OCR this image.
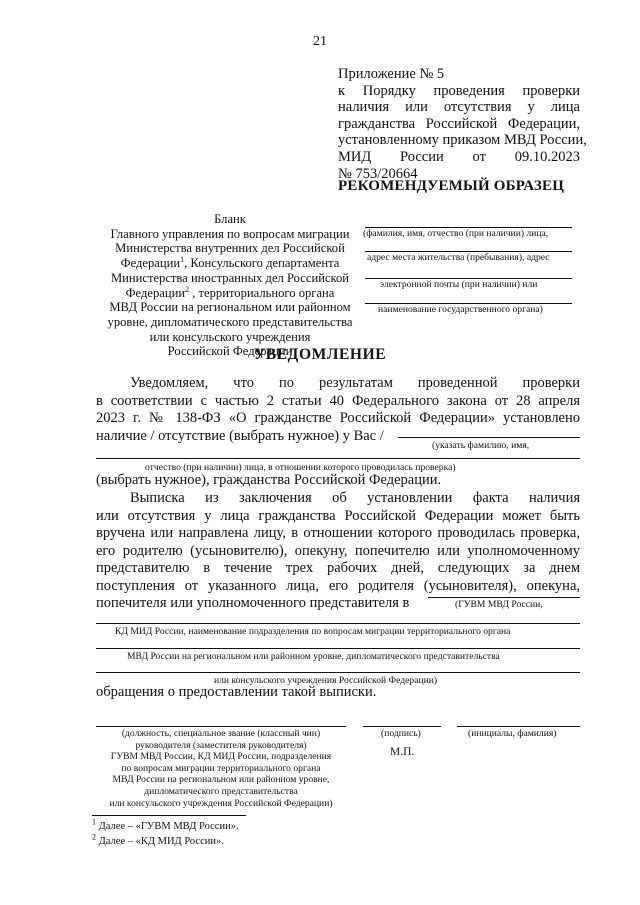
21
Приложение № 5
к Порядку проведения проверки
наличия или отсутствия у лица
гражданства Российской Федерации,
установленному приказом МВД России,
МИД России от 09.10.2023
№ 753/20664
РЕКОМЕНДУЕМЫЙ ОБРАЗЕЦ
Бланк
Главного управления по вопросам миграции
Министерства внутренних дел Российской
Федерации$^1$, Консульского департамента
Министерства иностранных дел Российской
Федерации$^2$ , территориального органа
МВД России на региональном или районном
уровне, дипломатического представительства
или консульского учреждения
Российской Федерации
(фамилия, имя, отчество (при наличии) лица,
адрес места жительства (пребывания), адрес
электронной почты (при наличии) или
наименование государственного органа)
УВЕДОМЛЕНИЕ
Уведомляем, что по результатам проведенной проверки
в соответствии с частью 2 статьи 40 Федерального закона от 28 апреля
2023 г. № 138-ФЗ «О гражданстве Российской Федерации» установлено
наличие / отсутствие (выбрать нужное) у Вас /
(указать фамилию, имя,
отчество (при наличии) лица, в отношении которого проводилась проверка)
(выбрать нужное), гражданства Российской Федерации.
Выписка из заключения об установлении факта наличия
или отсутствия у лица гражданства Российской Федерации может быть
вручена или направлена лицу, в отношении которого проводилась проверка,
его родителю (усыновителю), опекуну, попечителю или уполномоченному
представителю в течение трех рабочих дней, следующих за днем
поступления от указанного лица, его родителя (усыновителя), опекуна,
попечителя или уполномоченного представителя в	(ГУВМ МВД России,
КД МИД России, наименование подразделения по вопросам миграции территориального органа
МВД России на региональном или районном уровне, дипломатического представительства
или консульского учреждения Российской Федерации)
обращения о предоставлении такой выписки.
(должность, специальное звание (классный чин)
руководителя (заместителя руководителя)
ГУВМ МВД России, КД МИД России, подразделения
по вопросам миграции территориального органа
МВД России на региональном или районном уровне,
дипломатического представительства
или консульского учреждения Российской Федерации)
(подпись)	(инициалы, фамилия)
М.П.
$^1$ Далее – «ГУВМ МВД России».
$^2$ Далее – «КД МИД России».
